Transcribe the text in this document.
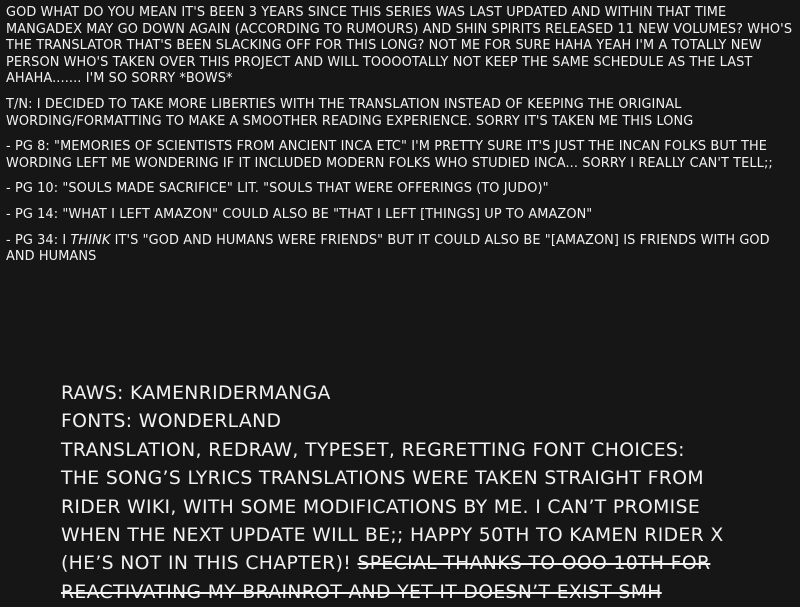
GOD WHAT DO YOU MEAN IT'S BEEN 3 YEARS SINCE THIS SERIES WAS LAST UPDATED AND WITHIN THAT TIME MANGADEX MAY GO DOWN AGAIN (ACCORDING TO RUMOURS) AND SHIN SPIRITS RELEASED 11 NEW VOLUMES? WHO'S THE TRANSLATOR THAT'S BEEN SLACKING OFF FOR THIS LONG? NOT ME FOR SURE HAHA YEAH I'M A TOTALLY NEW PERSON WHO'S TAKEN OVER THIS PROJECT AND WILL TOOOOTALLY NOT KEEP THE SAME SCHEDULE AS THE LAST AHAHA....... I'M SO SORRY *BOWS*

T/N: I DECIDED TO TAKE MORE LIBERTIES WITH THE TRANSLATION INSTEAD OF KEEPING THE ORIGINAL WORDING/FORMATTING TO MAKE A SMOOTHER READING EXPERIENCE. SORRY IT'S TAKEN ME THIS LONG

- PG 8: "MEMORIES OF SCIENTISTS FROM ANCIENT INCA ETC" I'M PRETTY SURE IT'S JUST THE INCAN FOLKS BUT THE WORDING LEFT ME WONDERING IF IT INCLUDED MODERN FOLKS WHO STUDIED INCA... SORRY I REALLY CAN'T TELL;;

- PG 10: "SOULS MADE SACRIFICE" LIT. "SOULS THAT WERE OFFERINGS (TO JUDO)"

- PG 14: "WHAT I LEFT AMAZON" COULD ALSO BE "THAT I LEFT [THINGS] UP TO AMAZON"

- PG 34: I THINK IT'S "GOD AND HUMANS WERE FRIENDS" BUT IT COULD ALSO BE "[AMAZON] IS FRIENDS WITH GOD AND HUMANS

RAWS: KAMENRIDERMANGA
FONTS: WONDERLAND
TRANSLATION, REDRAW, TYPESET, REGRETTING FONT CHOICES:
THE SONG’S LYRICS TRANSLATIONS WERE TAKEN STRAIGHT FROM
RIDER WIKI, WITH SOME MODIFICATIONS BY ME. I CAN’T PROMISE
WHEN THE NEXT UPDATE WILL BE;; HAPPY 50TH TO KAMEN RIDER X
(HE’S NOT IN THIS CHAPTER)! SPECIAL THANKS TO OOO 10TH FOR
REACTIVATING MY BRAINROT AND YET IT DOESN’T EXIST SMH
